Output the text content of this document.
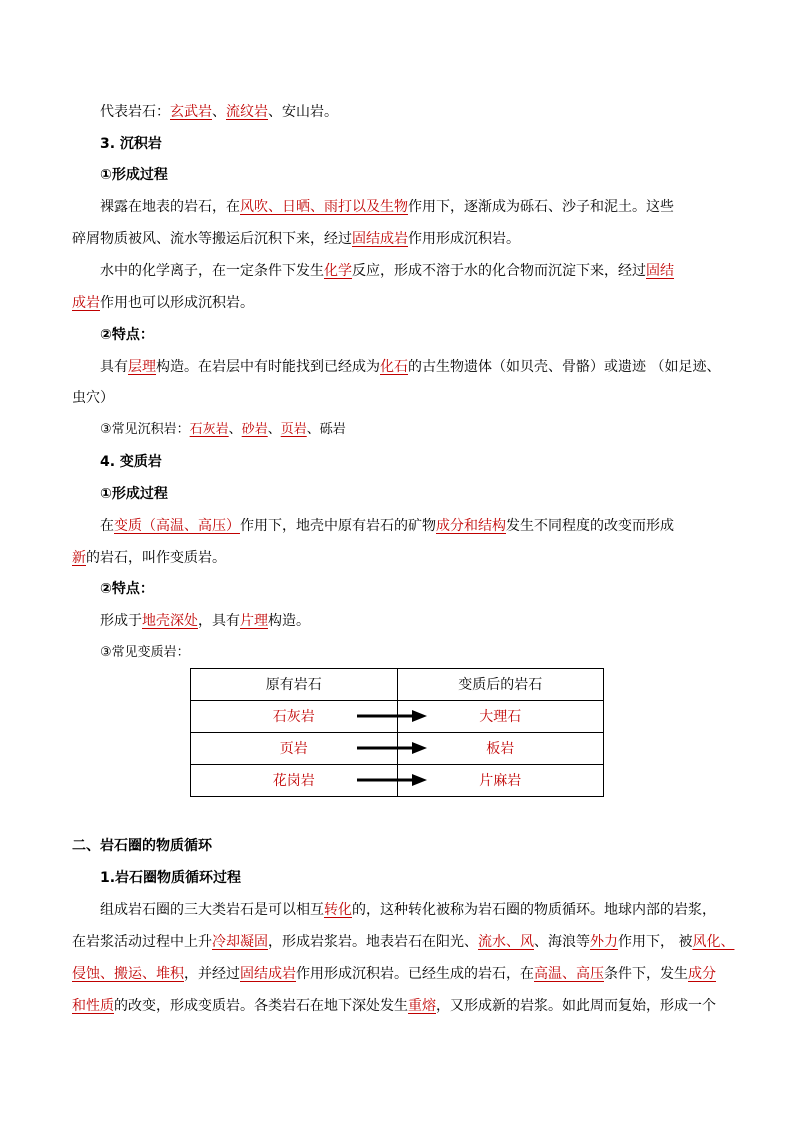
代表岩石：玄武岩、流纹岩、安山岩。
3. 沉积岩
①形成过程
裸露在地表的岩石，在风吹、日晒、雨打以及生物作用下，逐渐成为砾石、沙子和泥土。这些
碎屑物质被风、流水等搬运后沉积下来，经过固结成岩作用形成沉积岩。
水中的化学离子，在一定条件下发生化学反应，形成不溶于水的化合物而沉淀下来，经过固结
成岩作用也可以形成沉积岩。
②特点：
具有层理构造。在岩层中有时能找到已经成为化石的古生物遗体（如贝壳、骨骼）或遗迹 （如足迹、
虫穴）
③常见沉积岩：石灰岩、砂岩、页岩、砾岩
4. 变质岩
①形成过程
在变质（高温、高压）作用下，地壳中原有岩石的矿物成分和结构发生不同程度的改变而形成
新的岩石，叫作变质岩。
②特点：
形成于地壳深处，具有片理构造。
③常见变质岩：
原有岩石	变质后的岩石
石灰岩	大理石
页岩	板岩
花岗岩	片麻岩
二、岩石圈的物质循环
1.岩石圈物质循环过程
组成岩石圈的三大类岩石是可以相互转化的，这种转化被称为岩石圈的物质循环。地球内部的岩浆，
在岩浆活动过程中上升冷却凝固，形成岩浆岩。地表岩石在阳光、流水、风、海浪等外力作用下， 被风化、
侵蚀、搬运、堆积，并经过固结成岩作用形成沉积岩。已经生成的岩石，在高温、高压条件下，发生成分
和性质的改变，形成变质岩。各类岩石在地下深处发生重熔，又形成新的岩浆。如此周而复始，形成一个
